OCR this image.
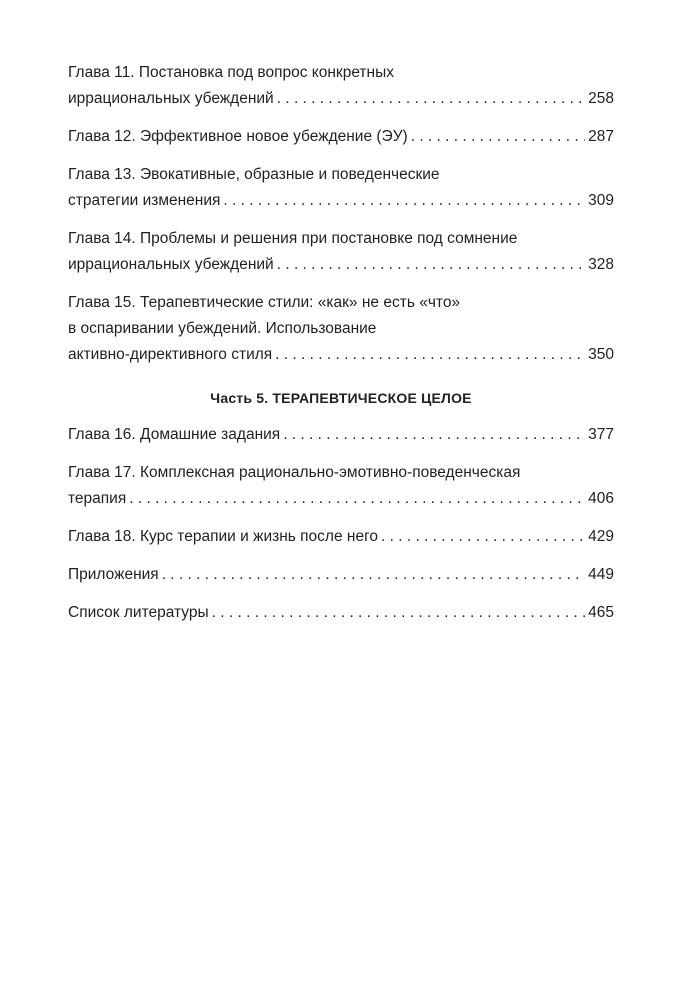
Глава 11. Постановка под вопрос конкретных
иррациональных убеждений . . .	258
Глава 12. Эффективное новое убеждение (ЭУ) . . .	287
Глава 13. Эвокативные, образные и поведенческие
стратегии изменения . . .	309
Глава 14. Проблемы и решения при постановке под сомнение
иррациональных убеждений . . .	328
Глава 15. Терапевтические стили: «как» не есть «что»
в оспаривании убеждений. Использование
активно-директивного стиля . . .	350
Часть 5. ТЕРАПЕВТИЧЕСКОЕ ЦЕЛОЕ
Глава 16. Домашние задания . . .	377
Глава 17. Комплексная рационально-эмотивно-поведенческая
терапия . . .	406
Глава 18. Курс терапии и жизнь после него . . .	429
Приложения . . .	449
Список литературы . . .	465
